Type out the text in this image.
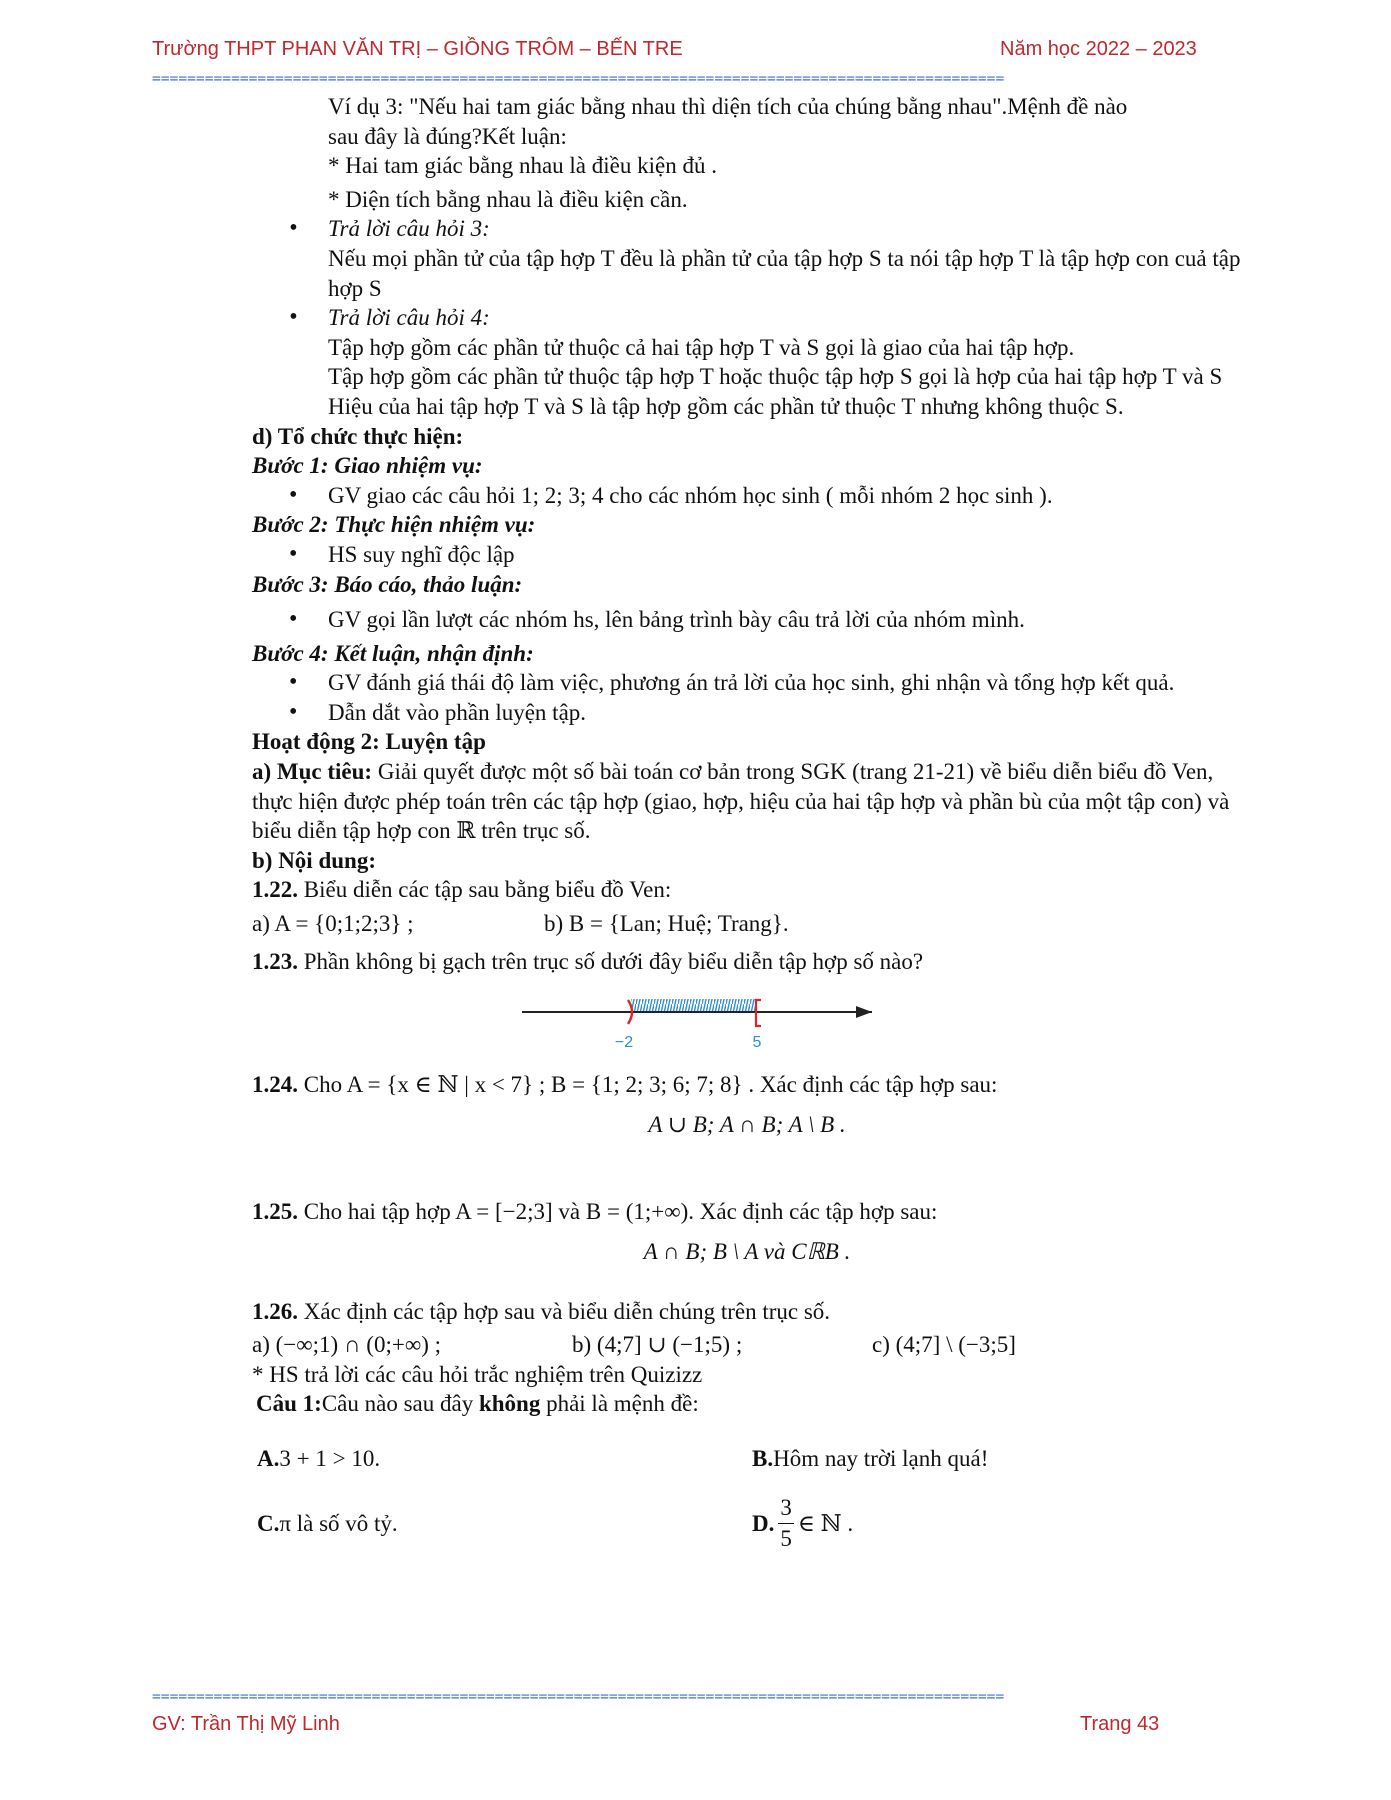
Trường THPT PHAN VĂN TRỊ – GIỒNG TRÔM – BẾN TRE	Năm học 2022 – 2023
=================================================================================================
Ví dụ 3: "Nếu hai tam giác bằng nhau thì diện tích của chúng bằng nhau".Mệnh đề nào
sau đây là đúng?Kết luận:
* Hai tam giác bằng nhau là điều kiện đủ .
* Diện tích bằng nhau là điều kiện cần.
• Trả lời câu hỏi 3:
Nếu mọi phần tử của tập hợp T đều là phần tử của tập hợp S ta nói tập hợp T là tập hợp con cuả tập hợp S
• Trả lời câu hỏi 4:
Tập hợp gồm các phần tử thuộc cả hai tập hợp T và S gọi là giao của hai tập hợp.
Tập hợp gồm các phần tử thuộc tập hợp T hoặc thuộc tập hợp S gọi là hợp của hai tập hợp T và S
Hiệu của hai tập hợp T và S là tập hợp gồm các phần tử thuộc T nhưng không thuộc S.
d) Tổ chức thực hiện:
Bước 1: Giao nhiệm vụ:
• GV giao các câu hỏi 1; 2; 3; 4 cho các nhóm học sinh ( mỗi nhóm 2 học sinh ).
Bước 2: Thực hiện nhiệm vụ:
• HS suy nghĩ độc lập
Bước 3: Báo cáo, thảo luận:
• GV gọi lần lượt các nhóm hs, lên bảng trình bày câu trả lời của nhóm mình.
Bước 4: Kết luận, nhận định:
• GV đánh giá thái độ làm việc, phương án trả lời của học sinh, ghi nhận và tổng hợp kết quả.
• Dẫn dắt vào phần luyện tập.
Hoạt động 2: Luyện tập
a) Mục tiêu: Giải quyết được một số bài toán cơ bản trong SGK (trang 21-21) về biểu diễn biểu đồ Ven, thực hiện được phép toán trên các tập hợp (giao, hợp, hiệu của hai tập hợp và phần bù của một tập con) và biểu diễn tập hợp con ℝ trên trục số.
b) Nội dung:
1.22. Biểu diễn các tập sau bằng biểu đồ Ven:
a) A = {0;1;2;3} ;	b) B = {Lan; Huệ; Trang}.
1.23. Phần không bị gạch trên trục số dưới đây biểu diễn tập hợp số nào?
−2	5
1.24. Cho A = {x ∈ ℕ | x < 7} ; B = {1; 2; 3; 6; 7; 8} . Xác định các tập hợp sau:
A ∪ B; A ∩ B; A \ B .
1.25. Cho hai tập hợp A = [−2;3] và B = (1;+∞). Xác định các tập hợp sau:
A ∩ B; B \ A và CℝB .
1.26. Xác định các tập hợp sau và biểu diễn chúng trên trục số.
a) (−∞;1) ∩ (0;+∞) ;	b) (4;7] ∪ (−1;5) ;	c) (4;7] \ (−3;5]
* HS trả lời các câu hỏi trắc nghiệm trên Quizizz
Câu 1:Câu nào sau đây không phải là mệnh đề:
A. 3 + 1 > 10.	B. Hôm nay trời lạnh quá!
C. π là số vô tỷ.	D. $\frac{3}{5}$ ∈ ℕ .
=================================================================================================
GV: Trần Thị Mỹ Linh	Trang 43
